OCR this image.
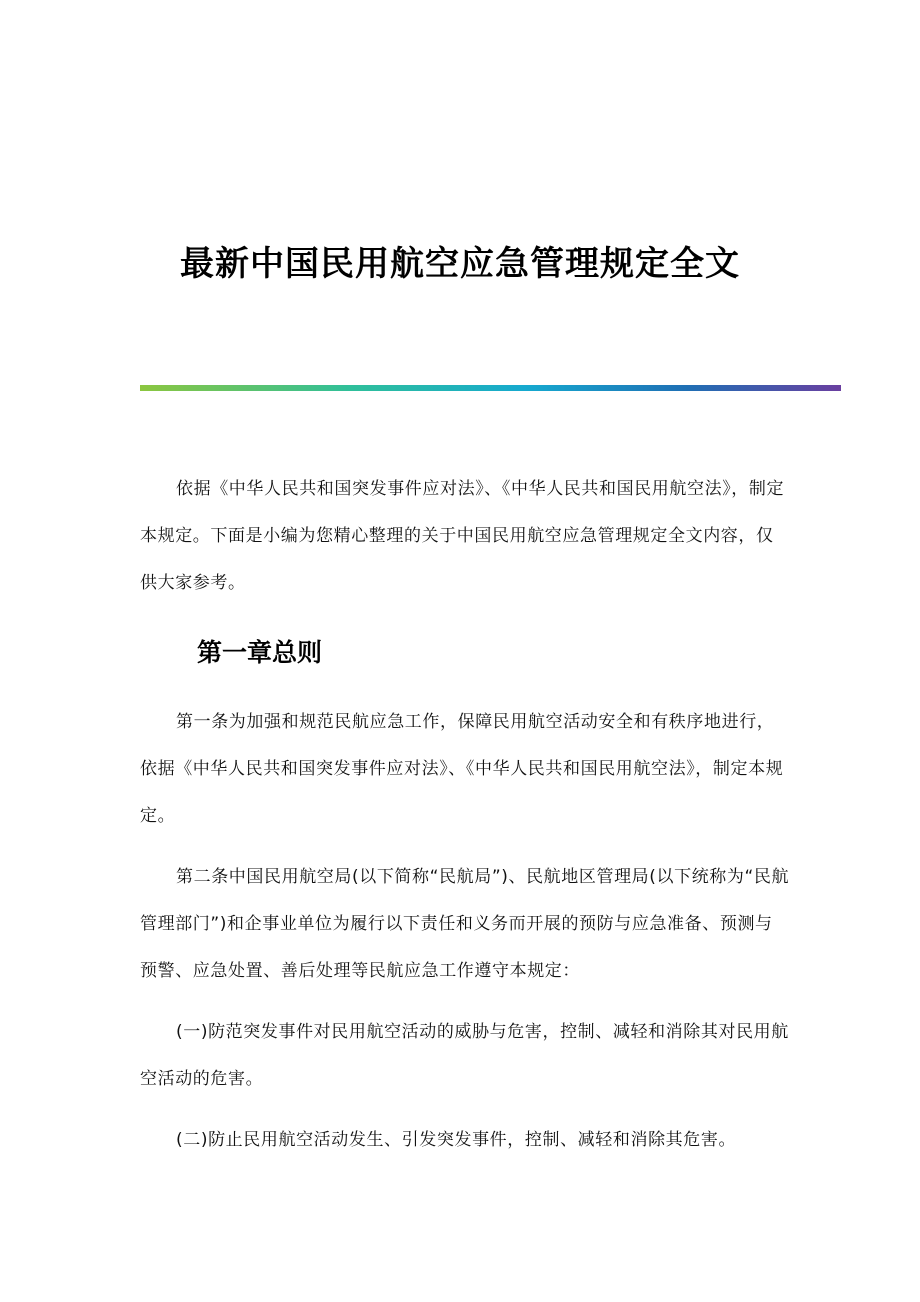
最新中国民用航空应急管理规定全文

依据《中华人民共和国突发事件应对法》、《中华人民共和国民用航空法》，制定本规定。下面是小编为您精心整理的关于中国民用航空应急管理规定全文内容，仅供大家参考。

第一章总则

第一条为加强和规范民航应急工作，保障民用航空活动安全和有秩序地进行，依据《中华人民共和国突发事件应对法》、《中华人民共和国民用航空法》，制定本规定。

第二条中国民用航空局(以下简称“民航局”)、民航地区管理局(以下统称为“民航管理部门”)和企事业单位为履行以下责任和义务而开展的预防与应急准备、预测与预警、应急处置、善后处理等民航应急工作遵守本规定：

(一)防范突发事件对民用航空活动的威胁与危害，控制、减轻和消除其对民用航空活动的危害。

(二)防止民用航空活动发生、引发突发事件，控制、减轻和消除其危害。
